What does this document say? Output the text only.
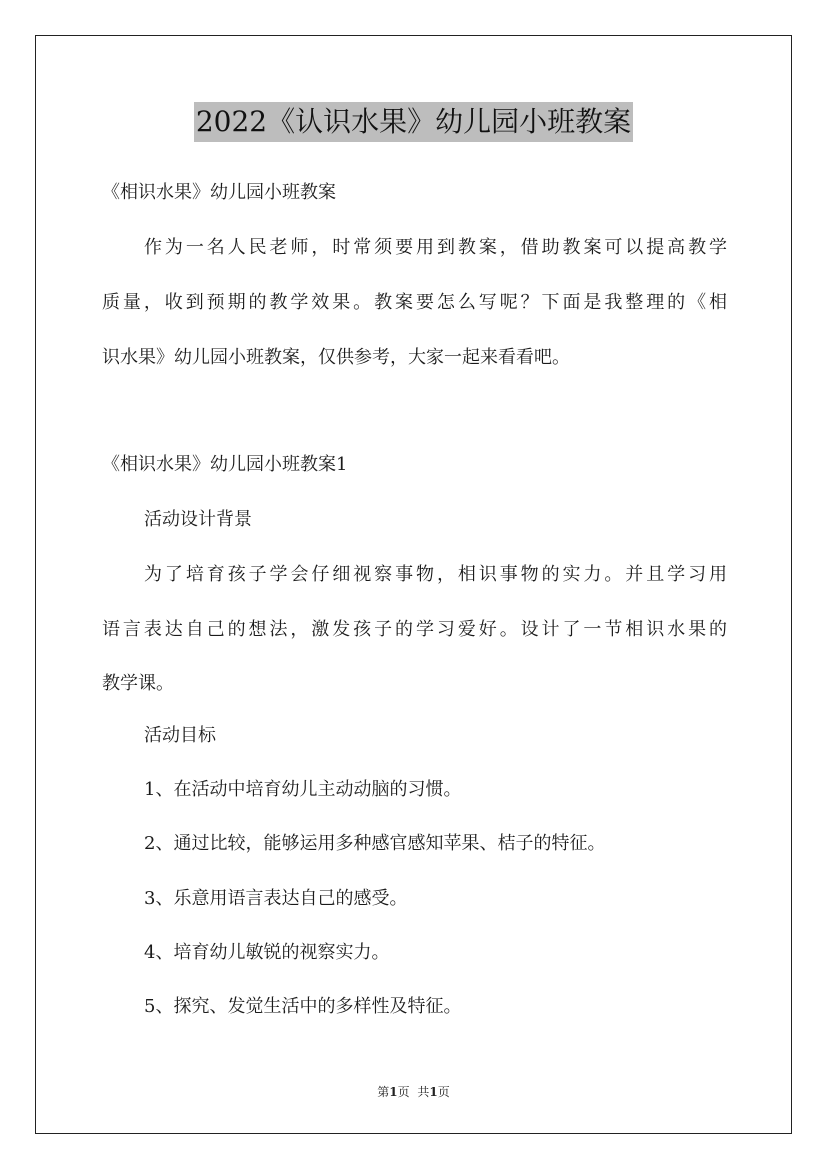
2022《认识水果》幼儿园小班教案
《相识水果》幼儿园小班教案
作为一名人民老师，时常须要用到教案，借助教案可以提高教学
质量，收到预期的教学效果。教案要怎么写呢？下面是我整理的《相
识水果》幼儿园小班教案，仅供参考，大家一起来看看吧。
《相识水果》幼儿园小班教案1
活动设计背景
为了培育孩子学会仔细视察事物，相识事物的实力。并且学习用
语言表达自己的想法，激发孩子的学习爱好。设计了一节相识水果的
教学课。
活动目标
1、在活动中培育幼儿主动动脑的习惯。
2、通过比较，能够运用多种感官感知苹果、桔子的特征。
3、乐意用语言表达自己的感受。
4、培育幼儿敏锐的视察实力。
5、探究、发觉生活中的多样性及特征。
第1页 共1页
